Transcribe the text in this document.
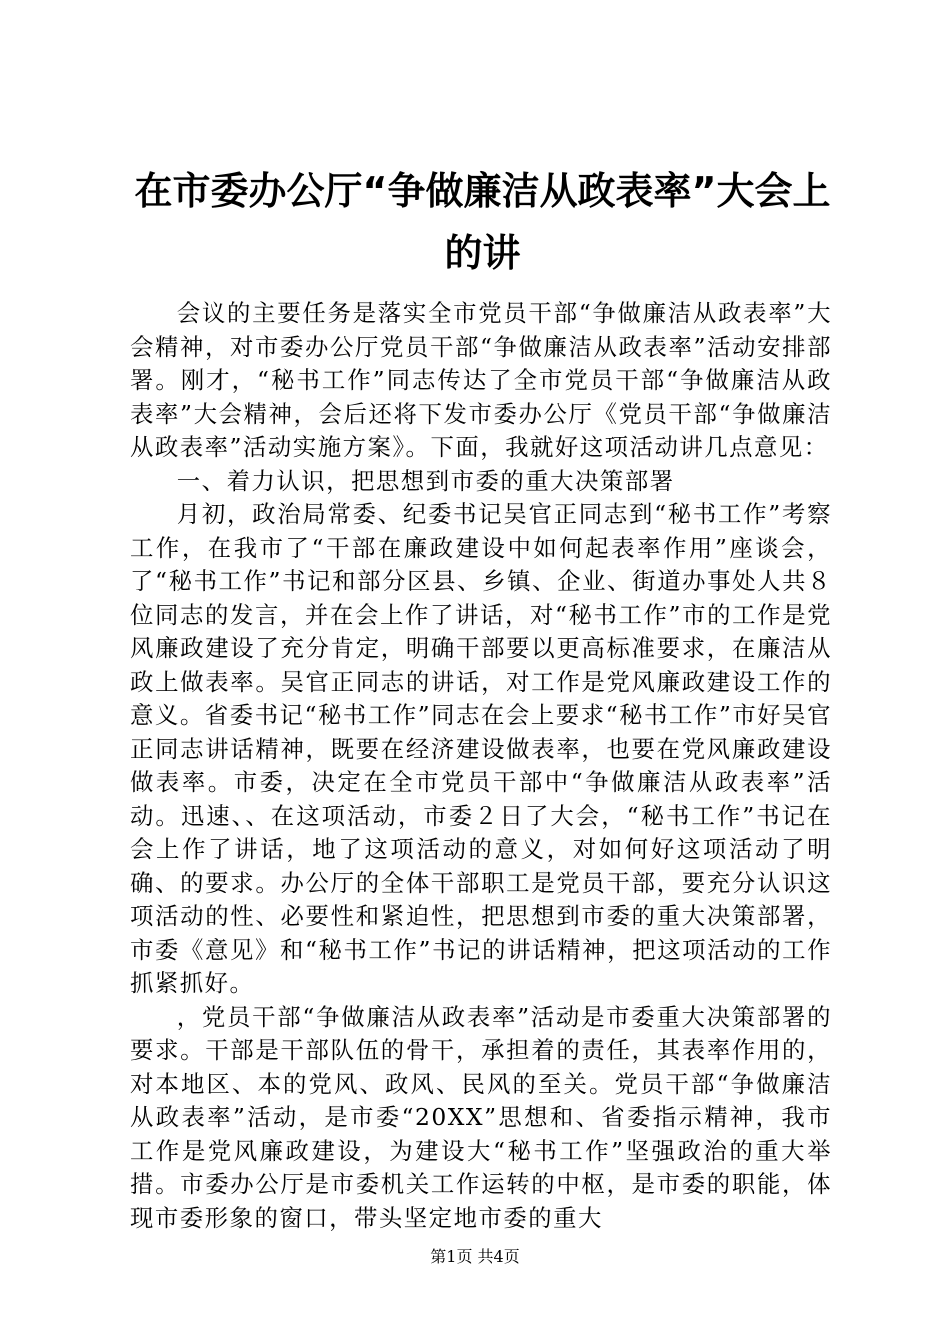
在市委办公厅“争做廉洁从政表率”大会上的讲

会议的主要任务是落实全市党员干部“争做廉洁从政表率”大会精神，对市委办公厅党员干部“争做廉洁从政表率”活动安排部署。刚才，“秘书工作”同志传达了全市党员干部“争做廉洁从政表率”大会精神，会后还将下发市委办公厅《党员干部“争做廉洁从政表率”活动实施方案》。下面，我就好这项活动讲几点意见：

一、着力认识，把思想到市委的重大决策部署

月初，政治局常委、纪委书记吴官正同志到“秘书工作”考察工作，在我市了“干部在廉政建设中如何起表率作用”座谈会，了“秘书工作”书记和部分区县、乡镇、企业、街道办事处人共８位同志的发言，并在会上作了讲话，对“秘书工作”市的工作是党风廉政建设了充分肯定，明确干部要以更高标准要求，在廉洁从政上做表率。吴官正同志的讲话，对工作是党风廉政建设工作的意义。省委书记“秘书工作”同志在会上要求“秘书工作”市好吴官正同志讲话精神，既要在经济建设做表率，也要在党风廉政建设做表率。市委，决定在全市党员干部中“争做廉洁从政表率”活动。迅速、、在这项活动，市委２日了大会，“秘书工作”书记在会上作了讲话，地了这项活动的意义，对如何好这项活动了明确、的要求。办公厅的全体干部职工是党员干部，要充分认识这项活动的性、必要性和紧迫性，把思想到市委的重大决策部署，市委《意见》和“秘书工作”书记的讲话精神，把这项活动的工作抓紧抓好。

，党员干部“争做廉洁从政表率”活动是市委重大决策部署的要求。干部是干部队伍的骨干，承担着的责任，其表率作用的，对本地区、本的党风、政风、民风的至关。党员干部“争做廉洁从政表率”活动，是市委“20XX”思想和、省委指示精神，我市工作是党风廉政建设，为建设大“秘书工作”坚强政治的重大举措。市委办公厅是市委机关工作运转的中枢，是市委的职能，体现市委形象的窗口，带头坚定地市委的重大

第1页 共4页
